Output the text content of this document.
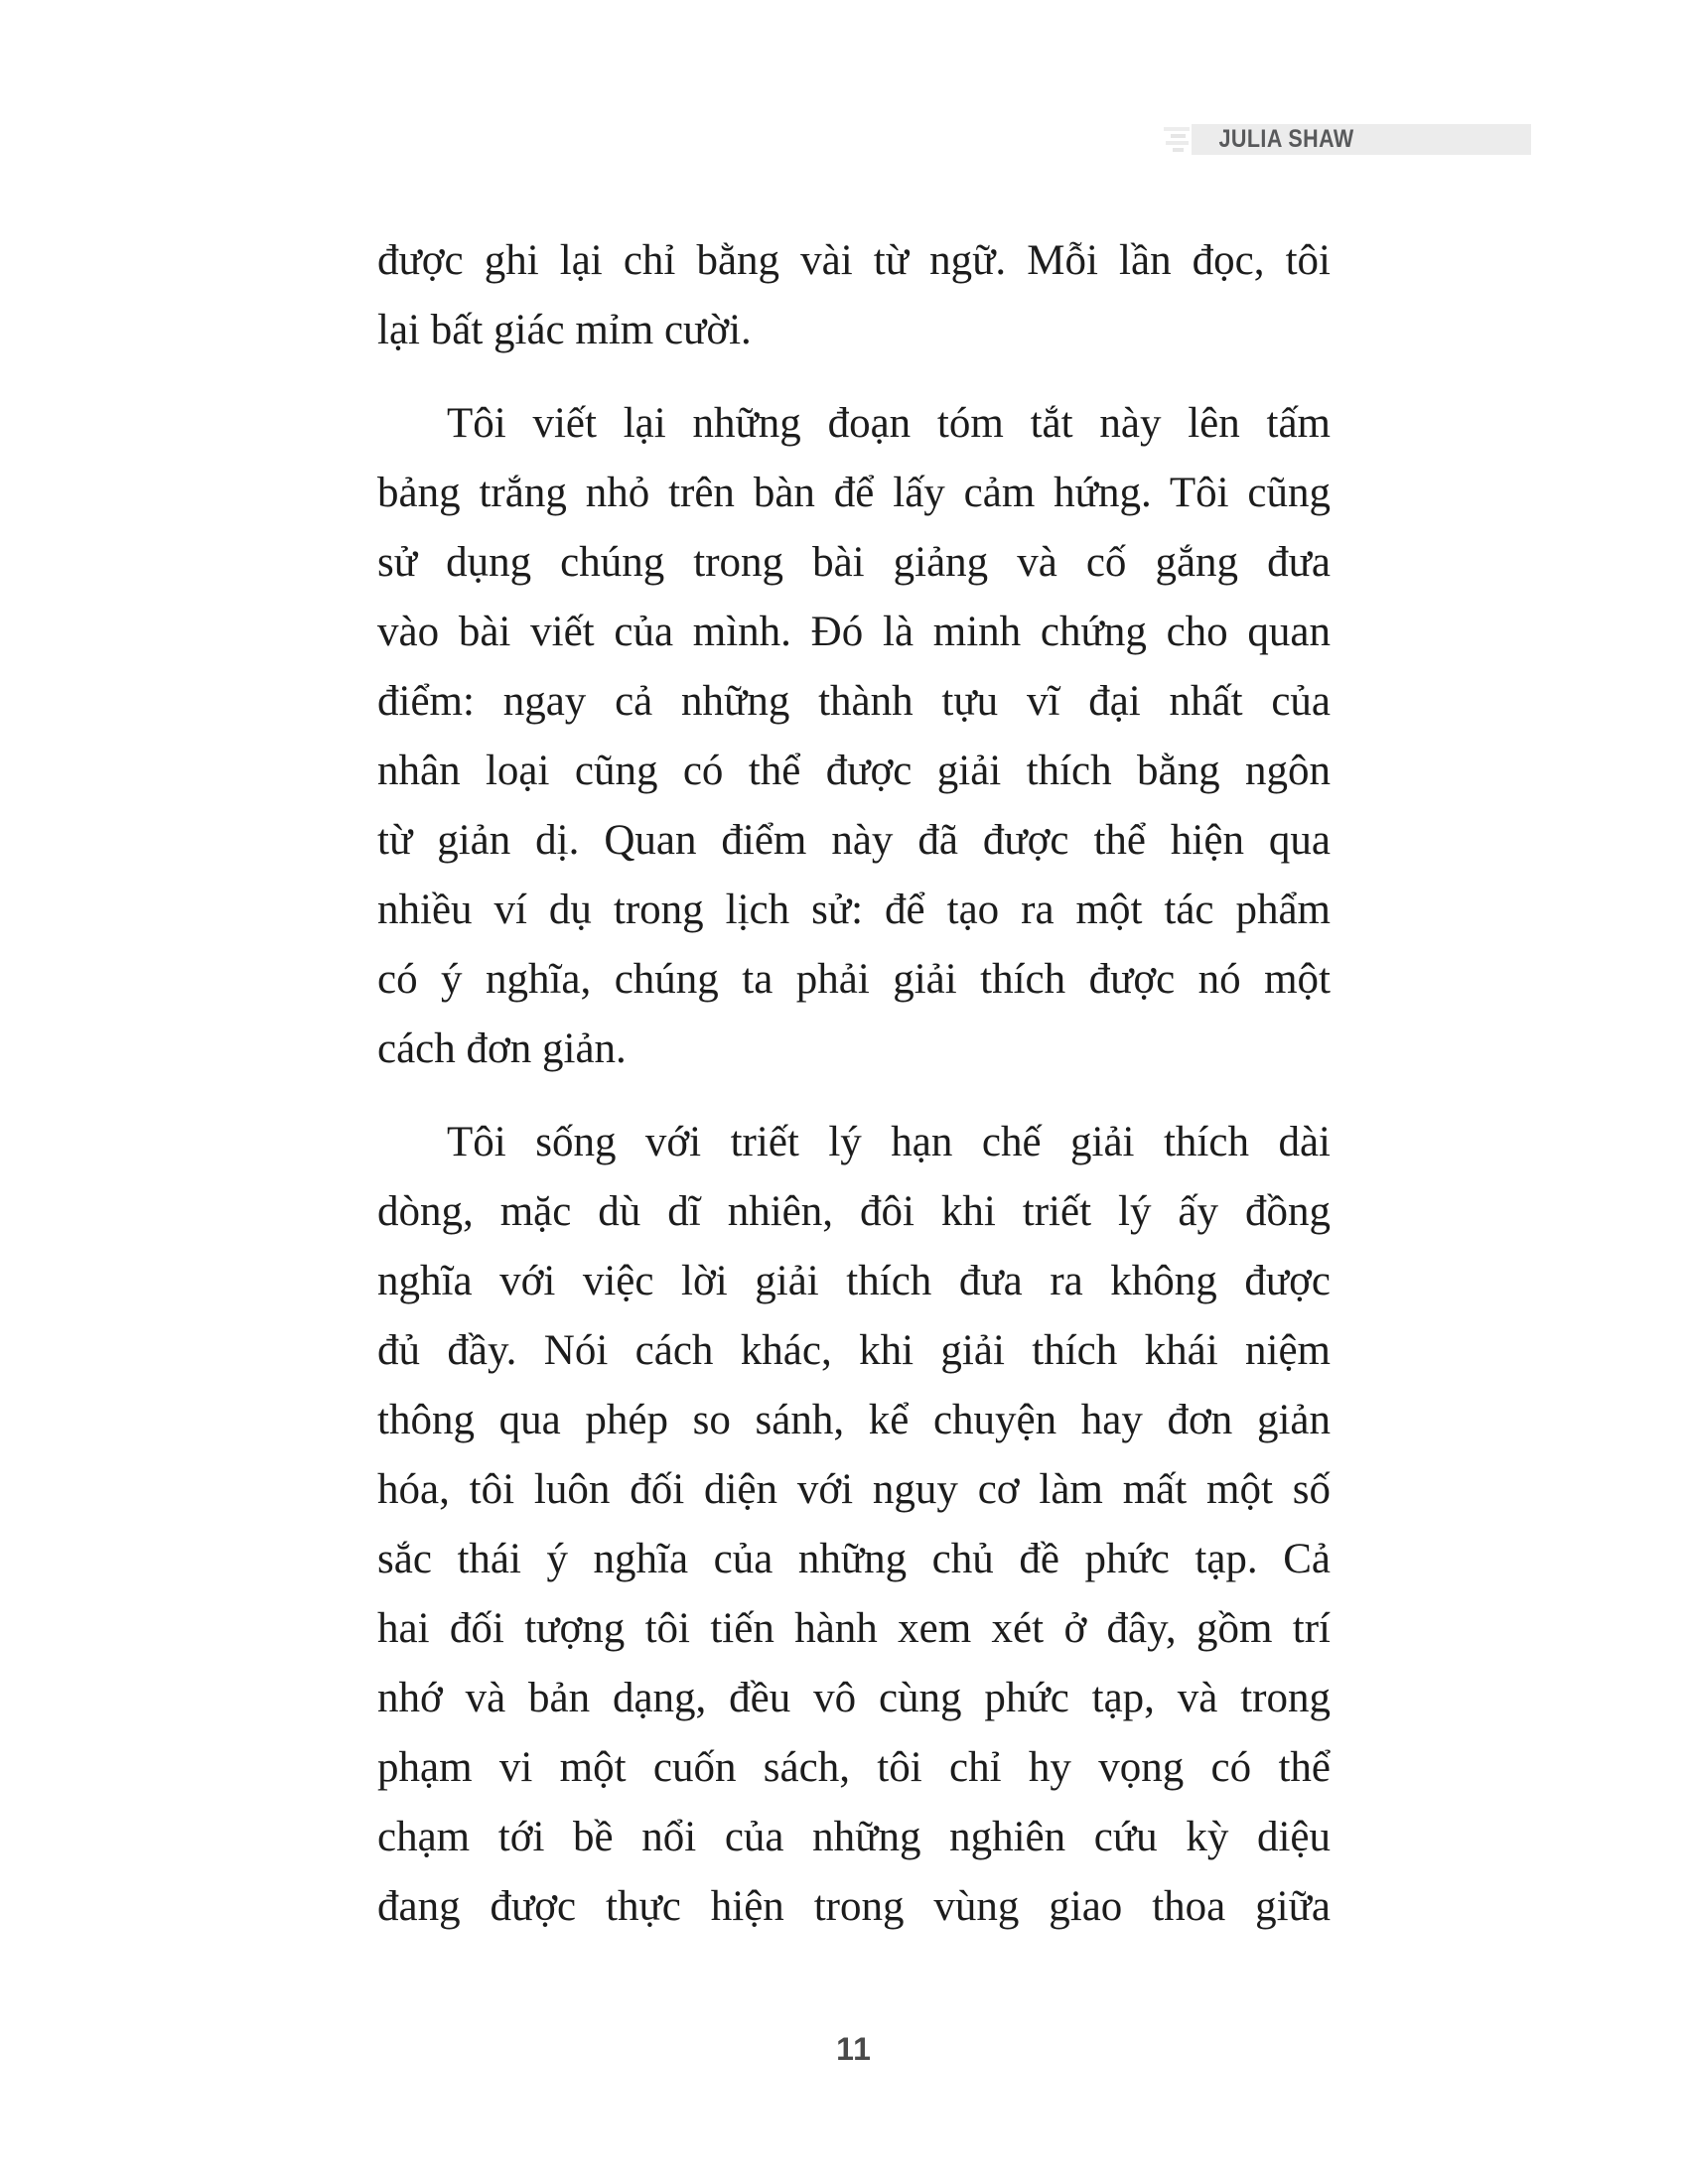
JULIA SHAW

được ghi lại chỉ bằng vài từ ngữ. Mỗi lần đọc, tôi
lại bất giác mỉm cười.

Tôi viết lại những đoạn tóm tắt này lên tấm
bảng trắng nhỏ trên bàn để lấy cảm hứng. Tôi cũng
sử dụng chúng trong bài giảng và cố gắng đưa
vào bài viết của mình. Đó là minh chứng cho quan
điểm: ngay cả những thành tựu vĩ đại nhất của
nhân loại cũng có thể được giải thích bằng ngôn
từ giản dị. Quan điểm này đã được thể hiện qua
nhiều ví dụ trong lịch sử: để tạo ra một tác phẩm
có ý nghĩa, chúng ta phải giải thích được nó một
cách đơn giản.

Tôi sống với triết lý hạn chế giải thích dài
dòng, mặc dù dĩ nhiên, đôi khi triết lý ấy đồng
nghĩa với việc lời giải thích đưa ra không được
đủ đầy. Nói cách khác, khi giải thích khái niệm
thông qua phép so sánh, kể chuyện hay đơn giản
hóa, tôi luôn đối diện với nguy cơ làm mất một số
sắc thái ý nghĩa của những chủ đề phức tạp. Cả
hai đối tượng tôi tiến hành xem xét ở đây, gồm trí
nhớ và bản dạng, đều vô cùng phức tạp, và trong
phạm vi một cuốn sách, tôi chỉ hy vọng có thể
chạm tới bề nổi của những nghiên cứu kỳ diệu
đang được thực hiện trong vùng giao thoa giữa

11
